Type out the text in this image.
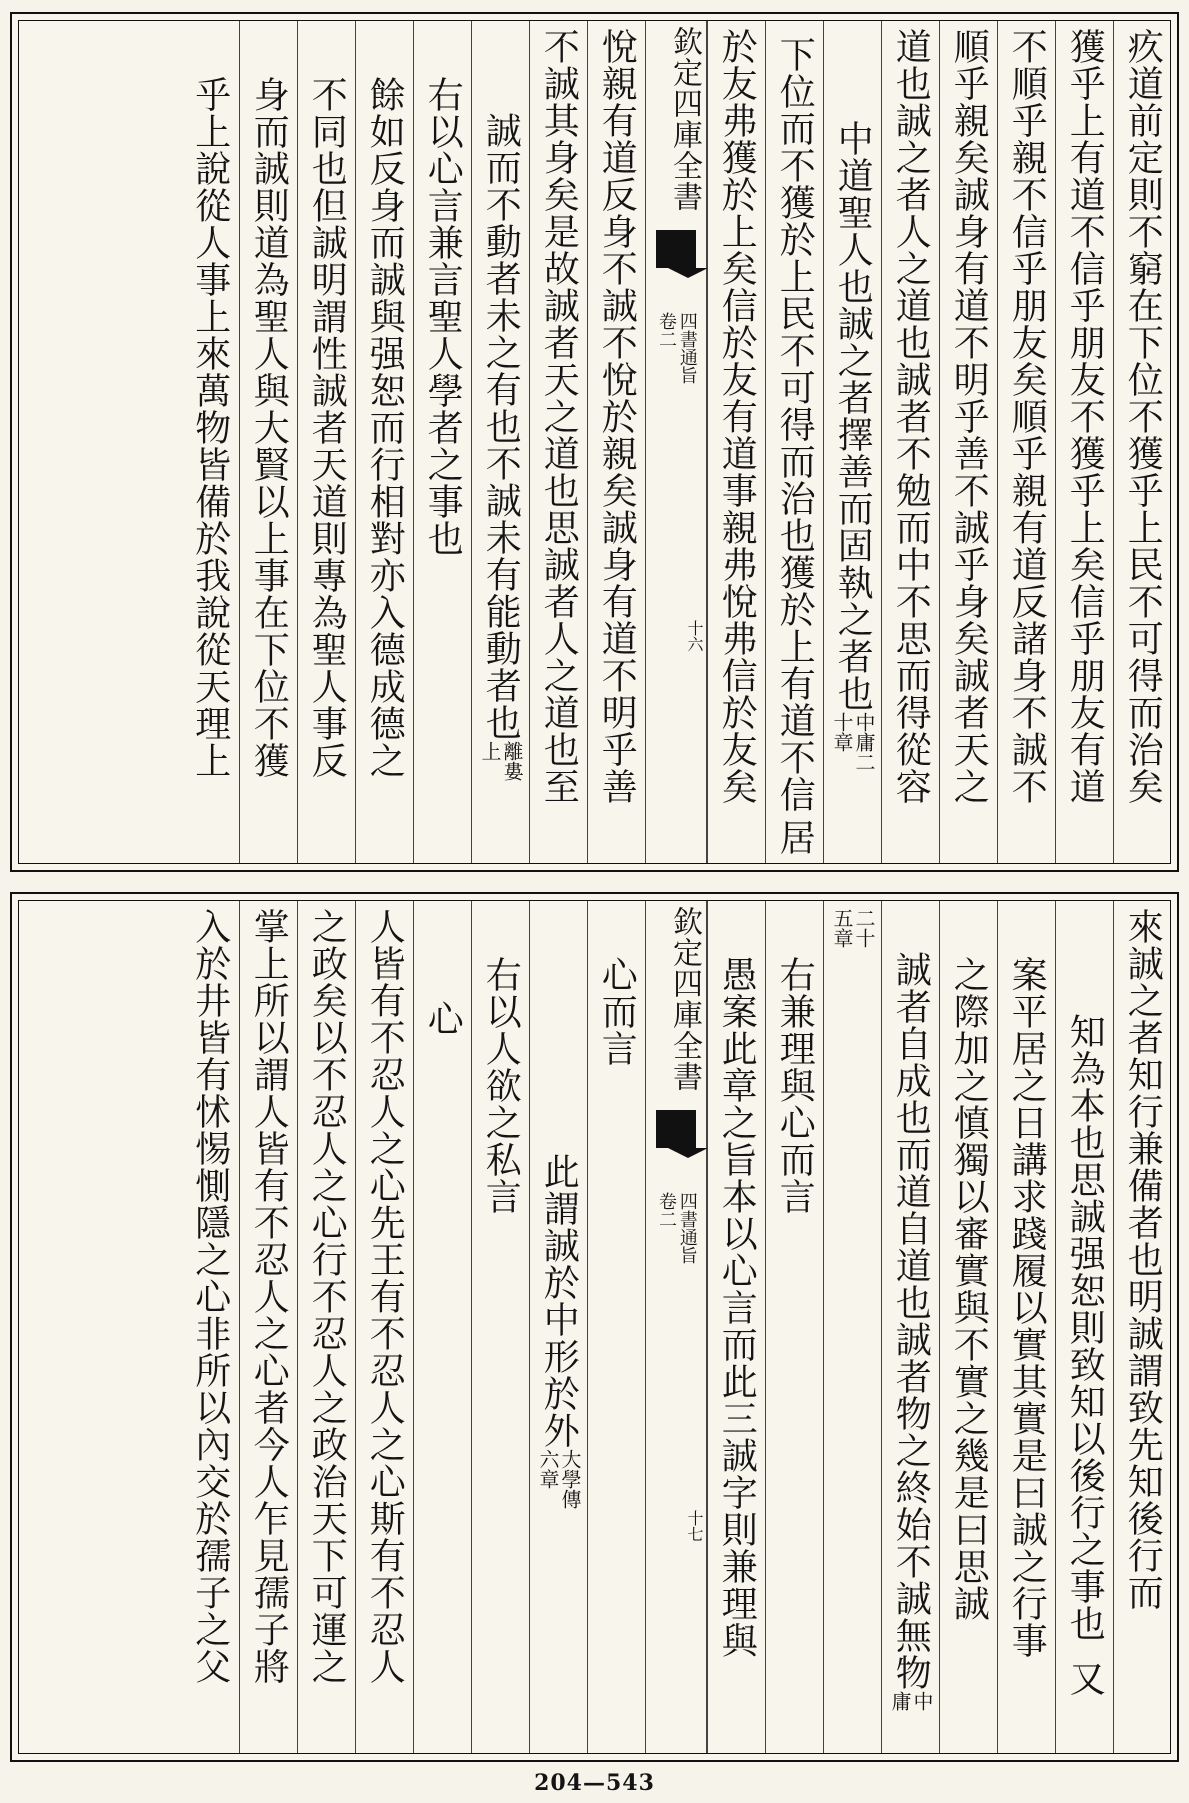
疚道前定則不窮在下位不獲乎上民不可得而治矣
獲乎上有道不信乎朋友不獲乎上矣信乎朋友有道
不順乎親不信乎朋友矣順乎親有道反諸身不誠不
順乎親矣誠身有道不明乎善不誠乎身矣誠者天之
道也誠之者人之道也誠者不勉而中不思而得從容
中道聖人也誠之者擇善而固執之者也
中庸二
十章
下位而不獲於上民不可得而治也獲於上有道不信
居
於友弗獲於上矣信於友有道事親弗悅弗信於友矣
欽定四庫全書
四書通旨
卷二
十六
悅親有道反身不誠不悅於親矣誠身有道不明乎善
不誠其身矣是故誠者天之道也思誠者人之道也至
誠而不動者未之有也不誠未有能動者也
離婁
上
右以心言兼言聖人學者之事也
餘如反身而誠與强恕而行相對亦入德成德之
不同也但誠明謂性誠者天道則專為聖人事反
身而誠則道為聖人與大賢以上事在下位不獲
乎上說從人事上來萬物皆備於我說從天理上
來誠之者知行兼備者也明誠謂致先知後行而
知為本也思誠强恕則致知以後行之事也
又
案平居之日講求踐履以實其實是曰誠之行事
之際加之慎獨以審實與不實之幾是曰思誠
誠者自成也而道自道也誠者物之終始不誠無物
中
庸
二十
五章
右兼理與心而言
愚案此章之旨本以心言而此三誠字則兼理與
欽定四庫全書
四書通旨
卷二
十七
心而言
此謂誠於中形於外
大學傳
六章
右以人欲之私言
心
人皆有不忍人之心先王有不忍人之心斯有不忍人
之政矣以不忍人之心行不忍人之政治天下可運之
掌上所以謂人皆有不忍人之心者今人乍見孺子將
入於井皆有怵惕惻隱之心非所以內交於孺子之父
204—543
